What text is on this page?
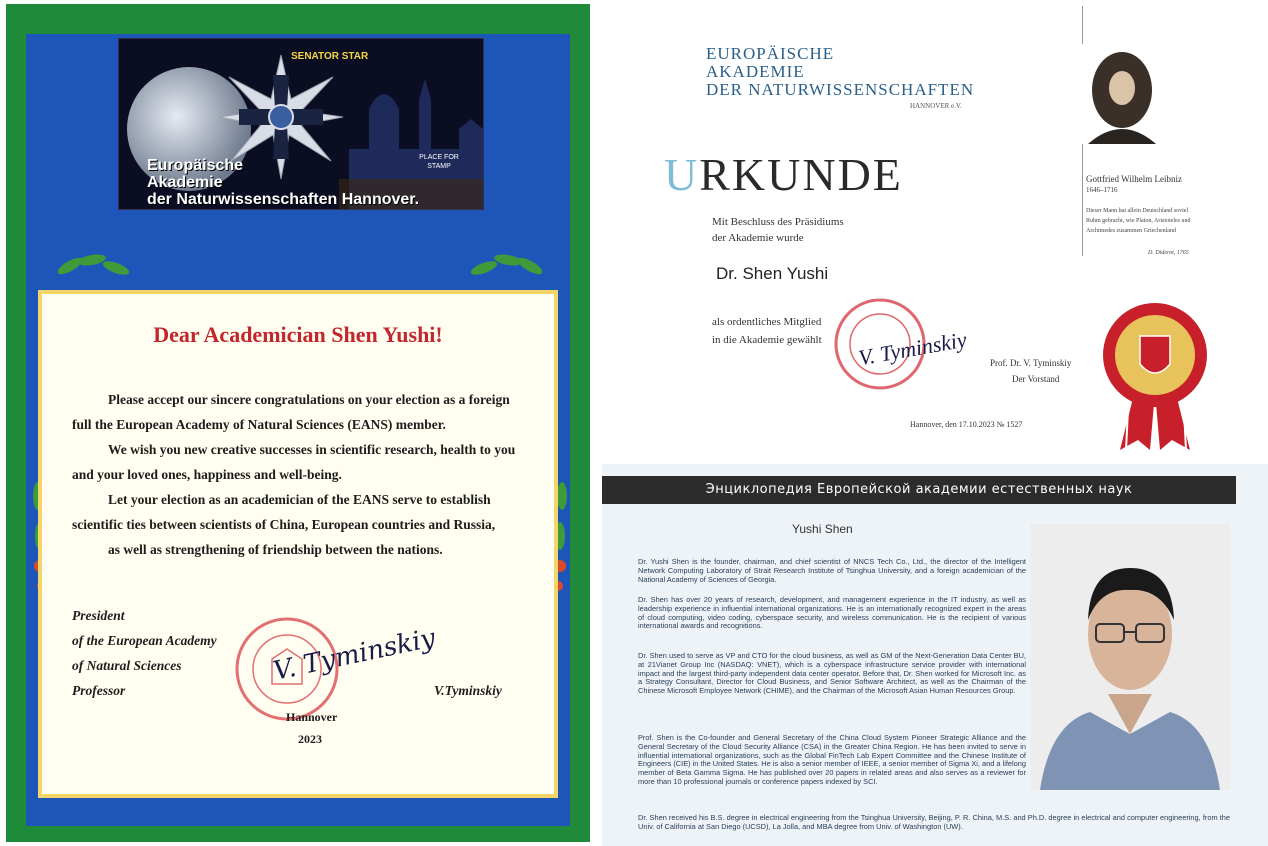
SENATOR STAR
PLACE FOR STAMP
Europäische
Akademie
der Naturwissenschaften Hannover.
Dear Academician Shen Yushi!
Please accept our sincere congratulations on your election as a foreign
full the European Academy of Natural Sciences (EANS) member.
We wish you new creative successes in scientific research, health to you
and your loved ones, happiness and well-being.
Let your election as an academician of the EANS serve to establish
scientific ties between scientists of China, European countries and Russia,
as well as strengthening of friendship between the nations.
President
of the European Academy
of Natural Sciences
Professor	V.Tyminskiy
V. Tyminskiy
Hannover
2023
EUROPÄISCHE
AKADEMIE
DER NATURWISSENSCHAFTEN
HANNOVER e.V.
URKUNDE
Mit Beschluss des Präsidiums
der Akademie wurde
Dr. Shen Yushi
als ordentliches Mitglied
in die Akademie gewählt V. Tyminskiy Prof. Dr. V. Tyminskiy
Der Vorstand
Hannover, den 17.10.2023 № 1527
Gottfried Wilhelm Leibniz
1646–1716
Dieser Mann hat allein Deutschland soviel
Ruhm gebracht, wie Platon, Aristoteles und
Archimedes zusammen Griechenland
D. Diderot, 1765
Энциклопедия Европейской академии естественных наук
Yushi Shen

Dr. Yushi Shen is the founder, chairman, and chief scientist of NNCS Tech Co., Ltd., the director of the Intelligent Network Computing Laboratory of Strait Research Institute of Tsinghua University, and a foreign academician of the National Academy of Sciences of Georgia.

Dr. Shen has over 20 years of research, development, and management experience in the IT industry, as well as leadership experience in influential international organizations. He is an internationally recognized expert in the areas of cloud computing, video coding, cyberspace security, and wireless communication. He is the recipient of various international awards and recognitions.

Dr. Shen used to serve as VP and CTO for the cloud business, as well as GM of the Next-Generation Data Center BU, at 21Vianet Group Inc (NASDAQ: VNET), which is a cyberspace infrastructure service provider with international impact and the largest third-party independent data center operator. Before that, Dr. Shen worked for Microsoft Inc. as a Strategy Consultant, Director for Cloud Business, and Senior Software Architect, as well as the Chairman of the Chinese Microsoft Employee Network (CHIME), and the Chairman of the Microsoft Asian Human Resources Group.

Prof. Shen is the Co-founder and General Secretary of the China Cloud System Pioneer Strategic Alliance and the General Secretary of the Cloud Security Alliance (CSA) in the Greater China Region. He has been invited to serve in influential international organizations, such as the Global FinTech Lab Expert Committee and the Chinese Institute of Engineers (CIE) in the United States. He is also a senior member of IEEE, a senior member of Sigma Xi, and a lifelong member of Beta Gamma Sigma. He has published over 20 papers in related areas and also serves as a reviewer for more than 10 professional journals or conference papers indexed by SCI.

Dr. Shen received his B.S. degree in electrical engineering from the Tsinghua University, Beijing, P. R. China, M.S. and Ph.D. degree in electrical and computer engineering, from the Univ. of California at San Diego (UCSD), La Jolla, and MBA degree from Univ. of Washington (UW).
